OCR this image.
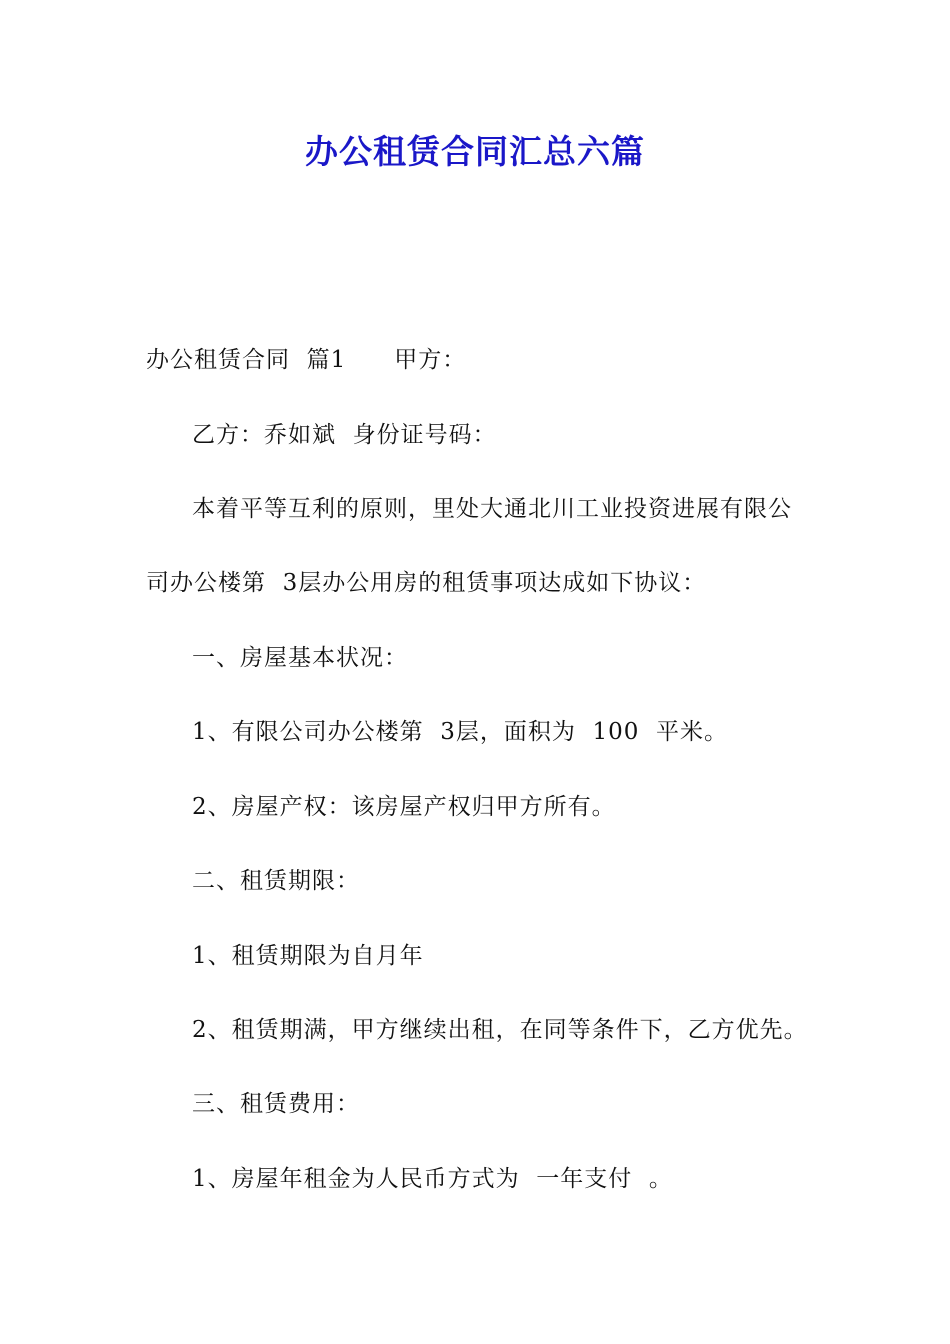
办公租赁合同汇总六篇
办公租赁合同  篇1 甲方：
乙方：乔如斌  身份证号码：
本着平等互利的原则，里处大通北川工业投资进展有限公
司办公楼第  3层办公用房的租赁事项达成如下协议：
一、房屋基本状况：
1、有限公司办公楼第  3层，面积为  100  平米。
2、房屋产权：该房屋产权归甲方所有。
二、租赁期限：
1、租赁期限为自月年
2、租赁期满，甲方继续出租，在同等条件下，乙方优先。
三、租赁费用：
1、房屋年租金为人民币方式为  一年支付  。
